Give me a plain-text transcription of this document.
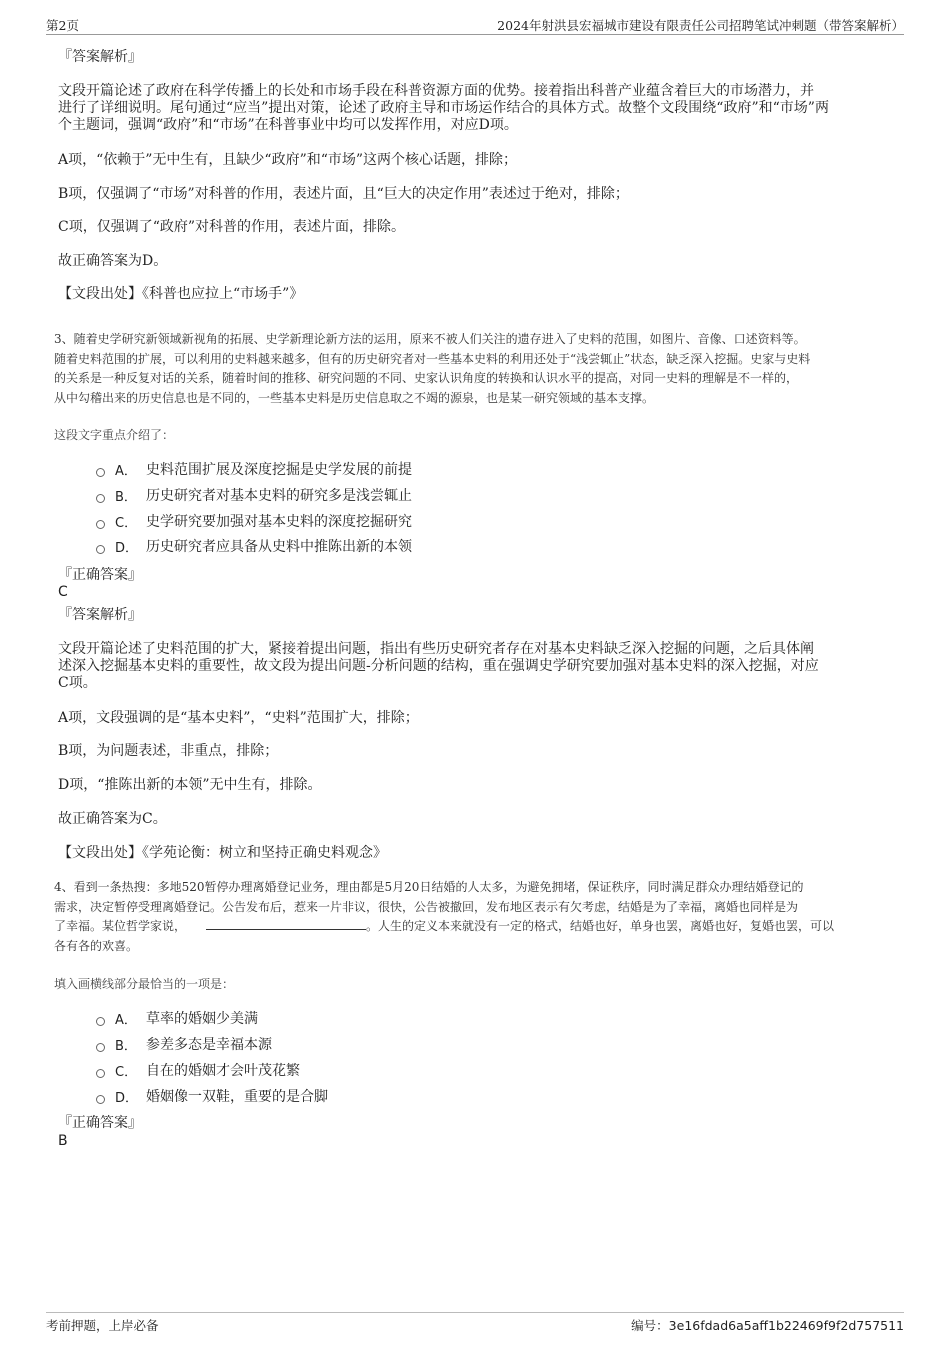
第2页	2024年射洪县宏福城市建设有限责任公司招聘笔试冲刺题（带答案解析）
『答案解析』
文段开篇论述了政府在科学传播上的长处和市场手段在科普资源方面的优势。接着指出科普产业蕴含着巨大的市场潜力，并
进行了详细说明。尾句通过“应当”提出对策，论述了政府主导和市场运作结合的具体方式。故整个文段围绕“政府”和“市场”两
个主题词，强调“政府”和“市场”在科普事业中均可以发挥作用，对应D项。
A项，“依赖于”无中生有，且缺少“政府”和“市场”这两个核心话题，排除；
B项，仅强调了“市场”对科普的作用，表述片面，且“巨大的决定作用”表述过于绝对，排除；
C项，仅强调了“政府”对科普的作用，表述片面，排除。
故正确答案为D。
【文段出处】《科普也应拉上“市场手”》
3、随着史学研究新领域新视角的拓展、史学新理论新方法的运用，原来不被人们关注的遗存进入了史料的范围，如图片、音像、口述资料等。
随着史料范围的扩展，可以利用的史料越来越多，但有的历史研究者对一些基本史料的利用还处于“浅尝辄止”状态，缺乏深入挖掘。史家与史料
的关系是一种反复对话的关系，随着时间的推移、研究问题的不同、史家认识角度的转换和认识水平的提高，对同一史料的理解是不一样的，
从中勾稽出来的历史信息也是不同的，一些基本史料是历史信息取之不竭的源泉，也是某一研究领域的基本支撑。
这段文字重点介绍了：
A． 史料范围扩展及深度挖掘是史学发展的前提
B． 历史研究者对基本史料的研究多是浅尝辄止
C． 史学研究要加强对基本史料的深度挖掘研究
D． 历史研究者应具备从史料中推陈出新的本领
『正确答案』
C
『答案解析』
文段开篇论述了史料范围的扩大，紧接着提出问题，指出有些历史研究者存在对基本史料缺乏深入挖掘的问题，之后具体阐
述深入挖掘基本史料的重要性，故文段为提出问题-分析问题的结构，重在强调史学研究要加强对基本史料的深入挖掘，对应
C项。
A项，文段强调的是“基本史料”，“史料”范围扩大，排除；
B项，为问题表述，非重点，排除；
D项，“推陈出新的本领”无中生有，排除。
故正确答案为C。
【文段出处】《学苑论衡：树立和坚持正确史料观念》
4、看到一条热搜：多地520暂停办理离婚登记业务，理由都是5月20日结婚的人太多，为避免拥堵，保证秩序，同时满足群众办理结婚登记的
需求，决定暂停受理离婚登记。公告发布后，惹来一片非议，很快，公告被撤回，发布地区表示有欠考虑，结婚是为了幸福，离婚也同样是为
了幸福。某位哲学家说，	。人生的定义本来就没有一定的格式，结婚也好，单身也罢，离婚也好，复婚也罢，可以
各有各的欢喜。
填入画横线部分最恰当的一项是：
A． 草率的婚姻少美满
B． 参差多态是幸福本源
C． 自在的婚姻才会叶茂花繁
D． 婚姻像一双鞋，重要的是合脚
『正确答案』
B
考前押题，上岸必备	编号：3e16fdad6a5aff1b22469f9f2d757511
